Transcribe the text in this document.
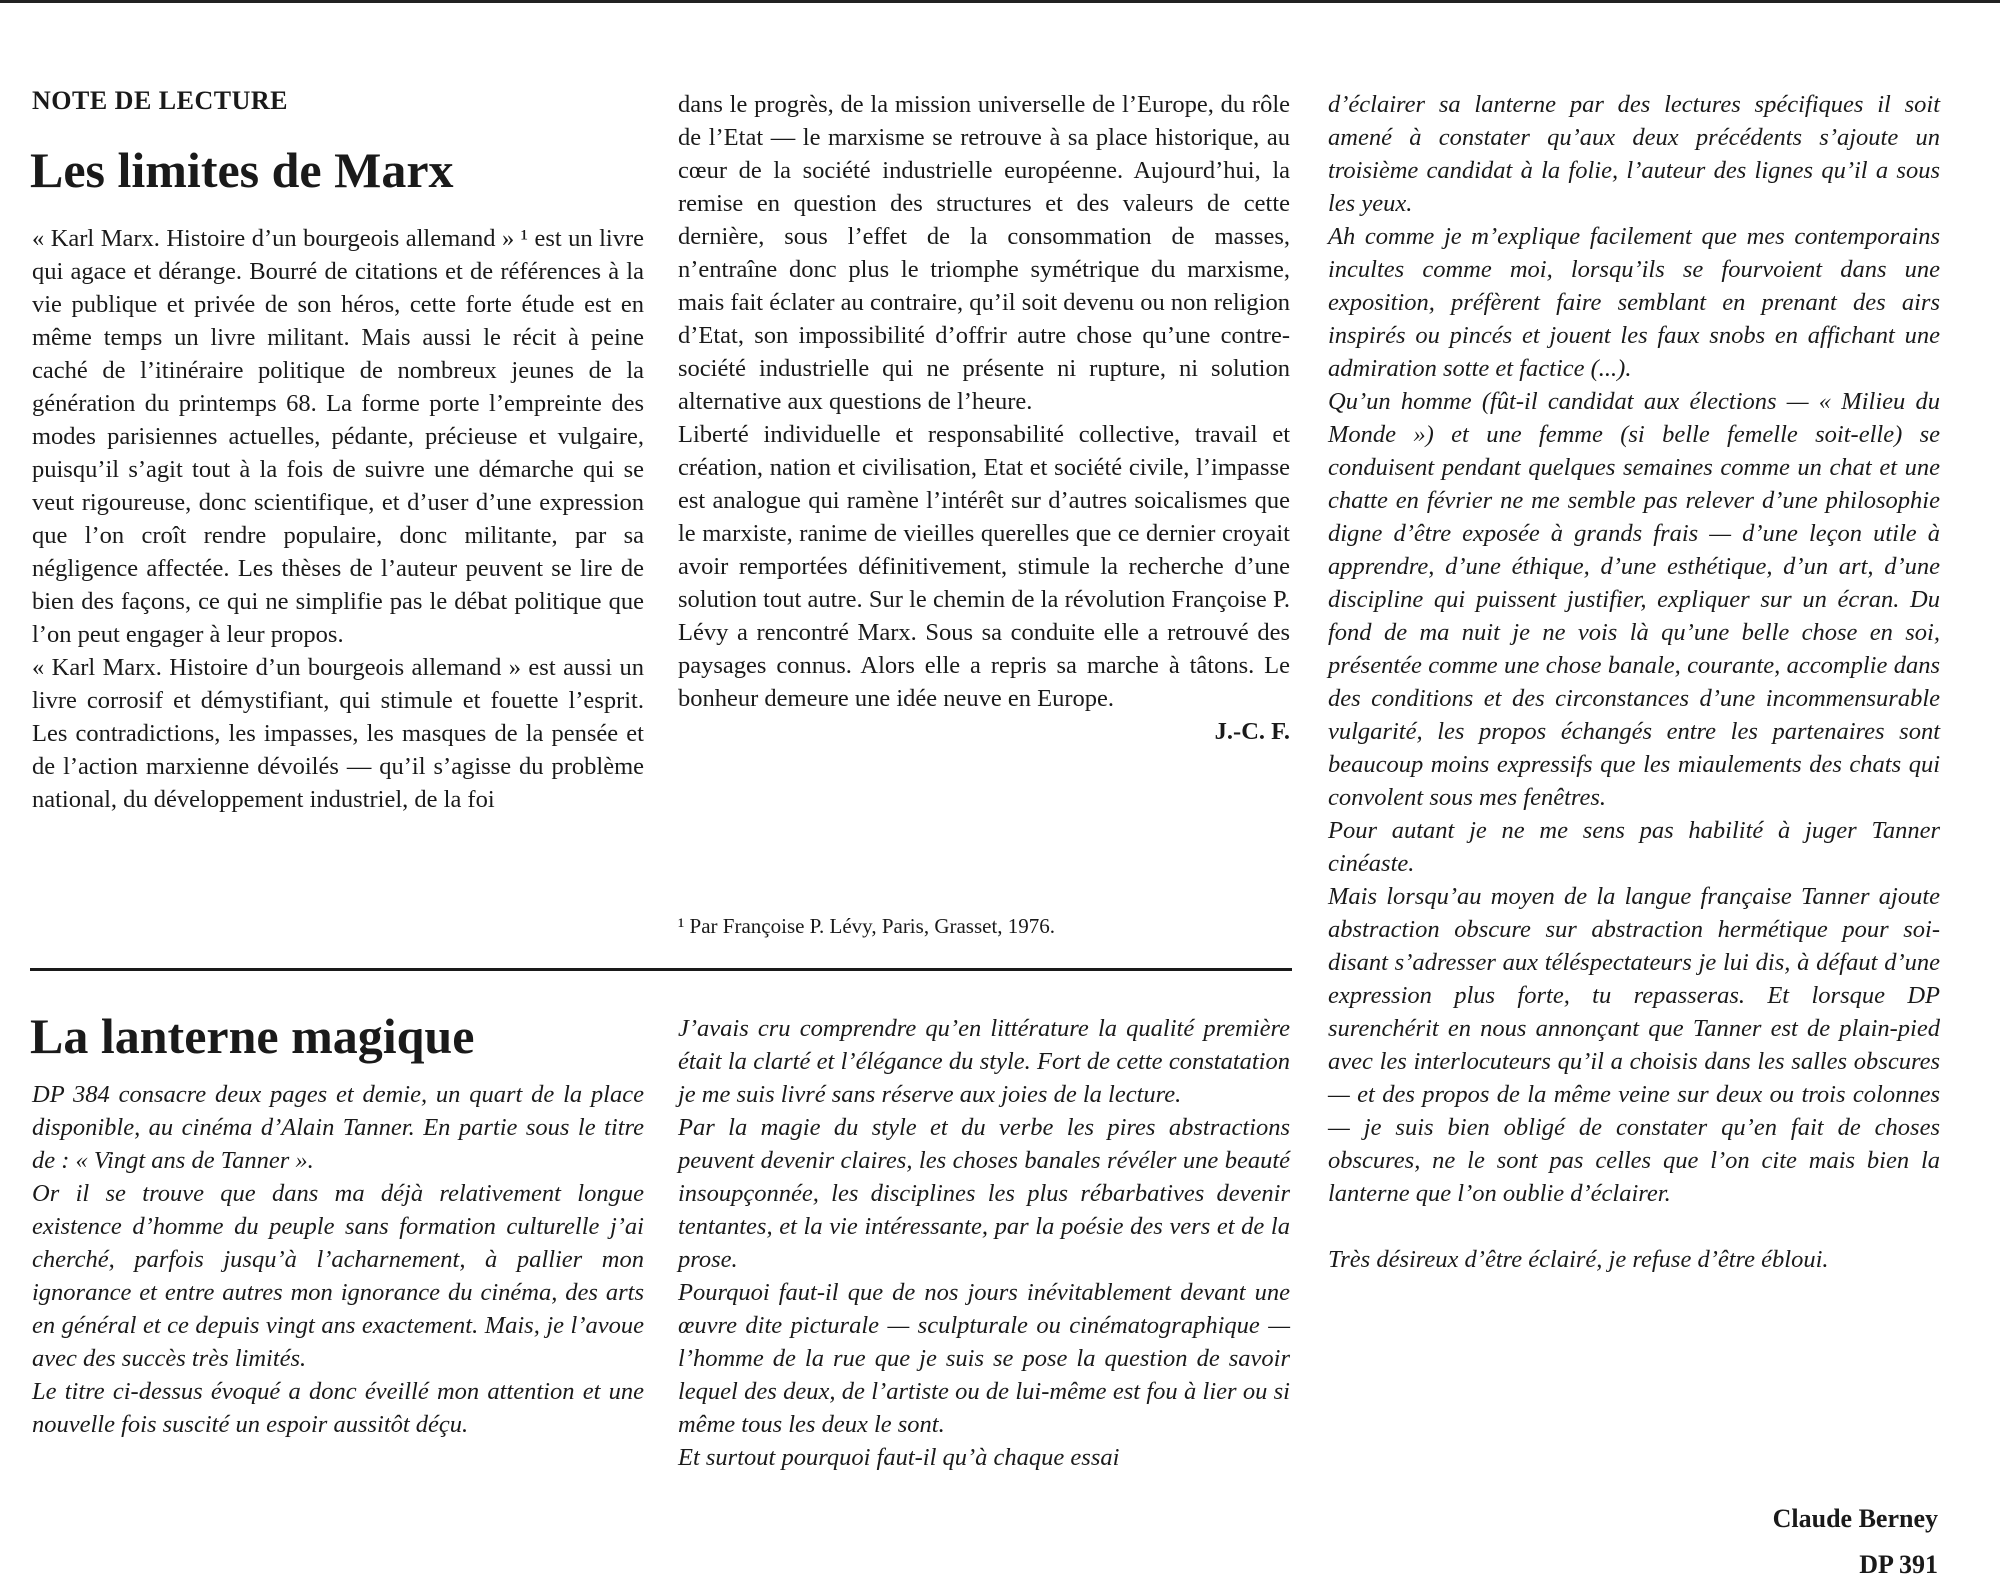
NOTE DE LECTURE

Les limites de Marx

« Karl Marx. Histoire d’un bourgeois allemand » ¹ est un livre qui agace et dérange. Bourré de citations et de références à la vie publique et privée de son héros, cette forte étude est en même temps un livre militant. Mais aussi le récit à peine caché de l’itinéraire politique de nombreux jeunes de la génération du printemps 68. La forme porte l’empreinte des modes parisiennes actuelles, pédante, précieuse et vulgaire, puisqu’il s’agit tout à la fois de suivre une démarche qui se veut rigoureuse, donc scientifique, et d’user d’une expression que l’on croît rendre populaire, donc militante, par sa négligence affectée. Les thèses de l’auteur peuvent se lire de bien des façons, ce qui ne simplifie pas le débat politique que l’on peut engager à leur propos.

« Karl Marx. Histoire d’un bourgeois allemand » est aussi un livre corrosif et démystifiant, qui stimule et fouette l’esprit. Les contradictions, les impasses, les masques de la pensée et de l’action marxienne dévoilés — qu’il s’agisse du problème national, du développement industriel, de la foi

dans le progrès, de la mission universelle de l’Europe, du rôle de l’Etat — le marxisme se retrouve à sa place historique, au cœur de la société industrielle européenne. Aujourd’hui, la remise en question des structures et des valeurs de cette dernière, sous l’effet de la consommation de masses, n’entraîne donc plus le triomphe symétrique du marxisme, mais fait éclater au contraire, qu’il soit devenu ou non religion d’Etat, son impossibilité d’offrir autre chose qu’une contre-société industrielle qui ne présente ni rupture, ni solution alternative aux questions de l’heure.

Liberté individuelle et responsabilité collective, travail et création, nation et civilisation, Etat et société civile, l’impasse est analogue qui ramène l’intérêt sur d’autres soicalismes que le marxiste, ranime de vieilles querelles que ce dernier croyait avoir remportées définitivement, stimule la recherche d’une solution tout autre. Sur le chemin de la révolution Françoise P. Lévy a rencontré Marx. Sous sa conduite elle a retrouvé des paysages connus. Alors elle a repris sa marche à tâtons. Le bonheur demeure une idée neuve en Europe.

J.-C. F.

¹ Par Françoise P. Lévy, Paris, Grasset, 1976.

La lanterne magique

DP 384 consacre deux pages et demie, un quart de la place disponible, au cinéma d’Alain Tanner. En partie sous le titre de : « Vingt ans de Tanner ».

Or il se trouve que dans ma déjà relativement longue existence d’homme du peuple sans formation culturelle j’ai cherché, parfois jusqu’à l’acharnement, à pallier mon ignorance et entre autres mon ignorance du cinéma, des arts en général et ce depuis vingt ans exactement. Mais, je l’avoue avec des succès très limités.

Le titre ci-dessus évoqué a donc éveillé mon attention et une nouvelle fois suscité un espoir aussitôt déçu.

J’avais cru comprendre qu’en littérature la qualité première était la clarté et l’élégance du style. Fort de cette constatation je me suis livré sans réserve aux joies de la lecture.

Par la magie du style et du verbe les pires abstractions peuvent devenir claires, les choses banales révéler une beauté insoupçonnée, les disciplines les plus rébarbatives devenir tentantes, et la vie intéressante, par la poésie des vers et de la prose.

Pourquoi faut-il que de nos jours inévitablement devant une œuvre dite picturale — sculpturale ou cinématographique — l’homme de la rue que je suis se pose la question de savoir lequel des deux, de l’artiste ou de lui-même est fou à lier ou si même tous les deux le sont.

Et surtout pourquoi faut-il qu’à chaque essai

d’éclairer sa lanterne par des lectures spécifiques il soit amené à constater qu’aux deux précédents s’ajoute un troisième candidat à la folie, l’auteur des lignes qu’il a sous les yeux.

Ah comme je m’explique facilement que mes contemporains incultes comme moi, lorsqu’ils se fourvoient dans une exposition, préfèrent faire semblant en prenant des airs inspirés ou pincés et jouent les faux snobs en affichant une admiration sotte et factice (...).

Qu’un homme (fût-il candidat aux élections — « Milieu du Monde ») et une femme (si belle femelle soit-elle) se conduisent pendant quelques semaines comme un chat et une chatte en février ne me semble pas relever d’une philosophie digne d’être exposée à grands frais — d’une leçon utile à apprendre, d’une éthique, d’une esthétique, d’un art, d’une discipline qui puissent justifier, expliquer sur un écran. Du fond de ma nuit je ne vois là qu’une belle chose en soi, présentée comme une chose banale, courante, accomplie dans des conditions et des circonstances d’une incommensurable vulgarité, les propos échangés entre les partenaires sont beaucoup moins expressifs que les miaulements des chats qui convolent sous mes fenêtres.

Pour autant je ne me sens pas habilité à juger Tanner cinéaste.

Mais lorsqu’au moyen de la langue française Tanner ajoute abstraction obscure sur abstraction hermétique pour soi-disant s’adresser aux téléspectateurs je lui dis, à défaut d’une expression plus forte, tu repasseras. Et lorsque DP surenchérit en nous annonçant que Tanner est de plain-pied avec les interlocuteurs qu’il a choisis dans les salles obscures — et des propos de la même veine sur deux ou trois colonnes — je suis bien obligé de constater qu’en fait de choses obscures, ne le sont pas celles que l’on cite mais bien la lanterne que l’on oublie d’éclairer.

Très désireux d’être éclairé, je refuse d’être ébloui.

Claude Berney

DP 391
